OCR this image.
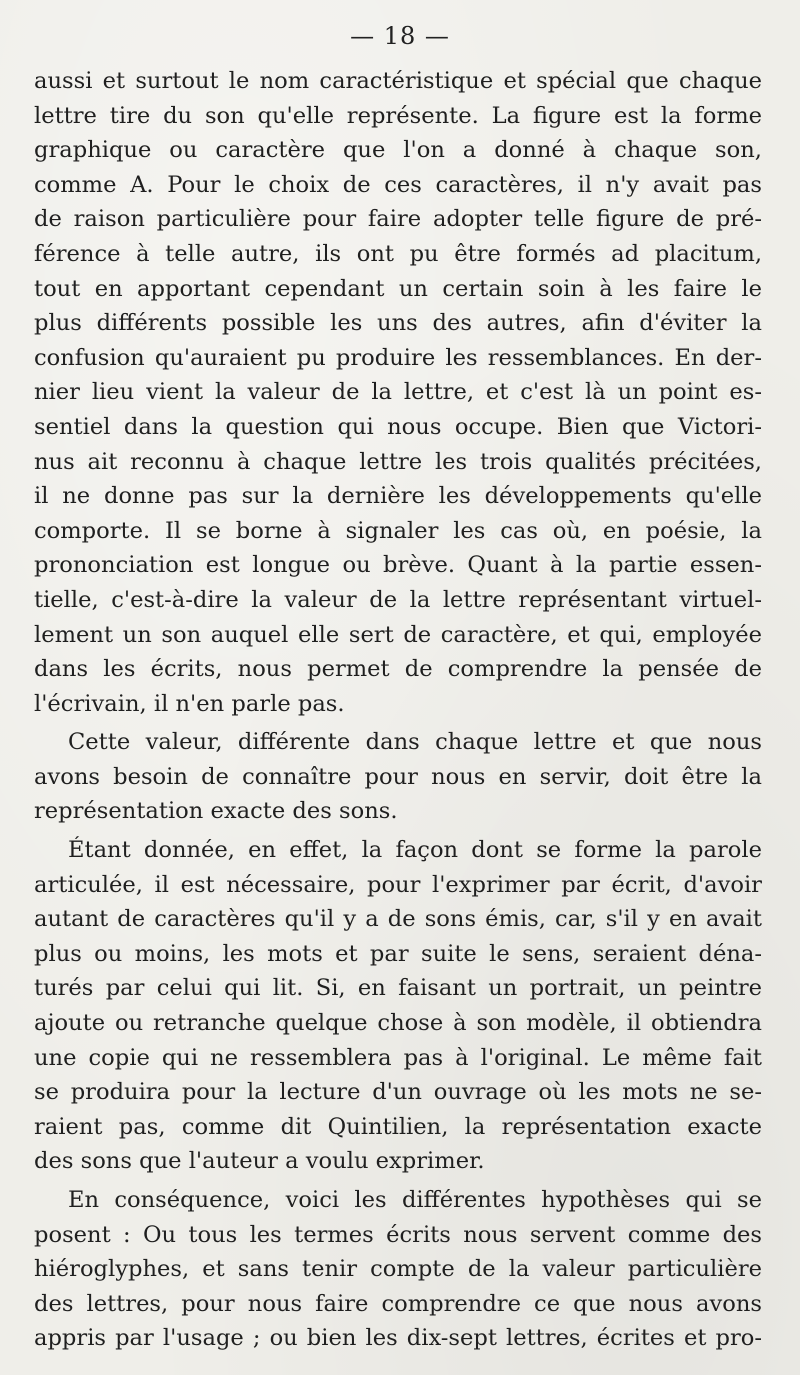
— 18 —
aussi et surtout le nom caractéristique et spécial que chaque
lettre tire du son qu'elle représente. La figure est la forme
graphique ou caractère que l'on a donné à chaque son,
comme A. Pour le choix de ces caractères, il n'y avait pas
de raison particulière pour faire adopter telle figure de pré-
férence à telle autre, ils ont pu être formés ad placitum,
tout en apportant cependant un certain soin à les faire le
plus différents possible les uns des autres, afin d'éviter la
confusion qu'auraient pu produire les ressemblances. En der-
nier lieu vient la valeur de la lettre, et c'est là un point es-
sentiel dans la question qui nous occupe. Bien que Victori-
nus ait reconnu à chaque lettre les trois qualités précitées,
il ne donne pas sur la dernière les développements qu'elle
comporte. Il se borne à signaler les cas où, en poésie, la
prononciation est longue ou brève. Quant à la partie essen-
tielle, c'est-à-dire la valeur de la lettre représentant virtuel-
lement un son auquel elle sert de caractère, et qui, employée
dans les écrits, nous permet de comprendre la pensée de
l'écrivain, il n'en parle pas.
Cette valeur, différente dans chaque lettre et que nous
avons besoin de connaître pour nous en servir, doit être la
représentation exacte des sons.
Étant donnée, en effet, la façon dont se forme la parole
articulée, il est nécessaire, pour l'exprimer par écrit, d'avoir
autant de caractères qu'il y a de sons émis, car, s'il y en avait
plus ou moins, les mots et par suite le sens, seraient déna-
turés par celui qui lit. Si, en faisant un portrait, un peintre
ajoute ou retranche quelque chose à son modèle, il obtiendra
une copie qui ne ressemblera pas à l'original. Le même fait
se produira pour la lecture d'un ouvrage où les mots ne se-
raient pas, comme dit Quintilien, la représentation exacte
des sons que l'auteur a voulu exprimer.
En conséquence, voici les différentes hypothèses qui se
posent : Ou tous les termes écrits nous servent comme des
hiéroglyphes, et sans tenir compte de la valeur particulière
des lettres, pour nous faire comprendre ce que nous avons
appris par l'usage ; ou bien les dix-sept lettres, écrites et pro-
